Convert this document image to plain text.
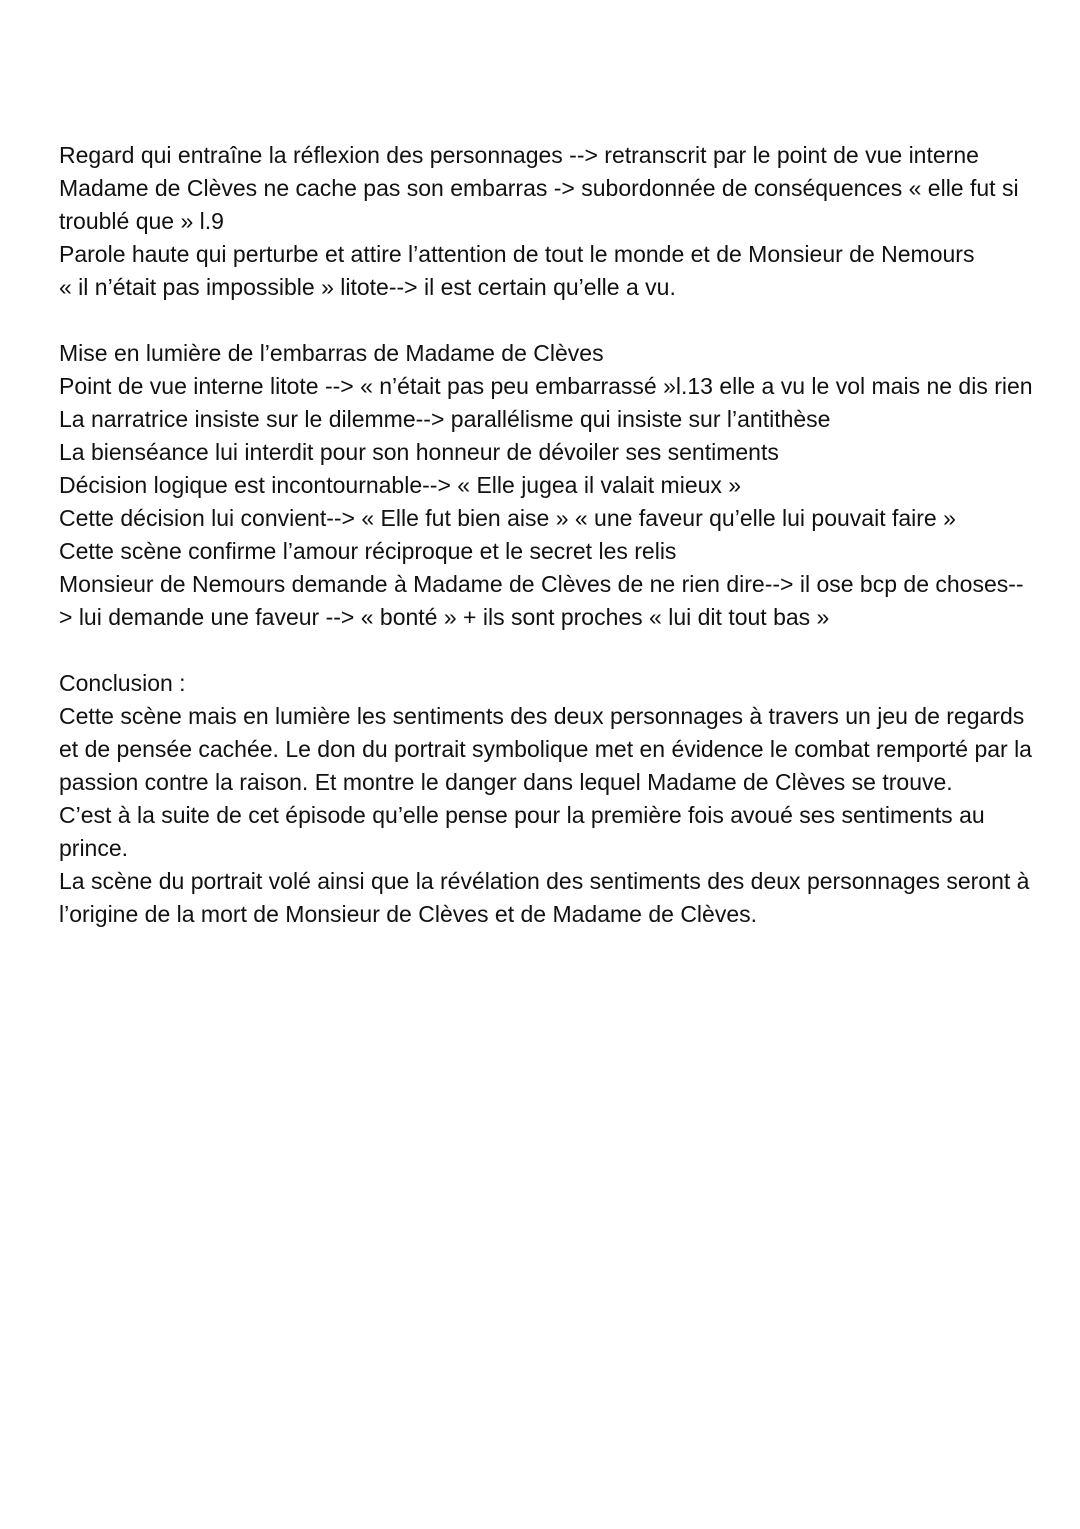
Regard qui entraîne la réflexion des personnages --> retranscrit par le point de vue interne

Madame de Clèves ne cache pas son embarras -> subordonnée de conséquences « elle fut si troublé que » l.9

Parole haute qui perturbe et attire l’attention de tout le monde et de Monsieur de Nemours

« il n’était pas impossible » litote--> il est certain qu’elle a vu.

Mise en lumière de l’embarras de Madame de Clèves

Point de vue interne litote --> « n’était pas peu embarrassé »l.13 elle a vu le vol mais ne dis rien

La narratrice insiste sur le dilemme--> parallélisme qui insiste sur l’antithèse

La bienséance lui interdit pour son honneur de dévoiler ses sentiments

Décision logique est incontournable--> « Elle jugea il valait mieux »

Cette décision lui convient--> « Elle fut bien aise » « une faveur qu’elle lui pouvait faire »

Cette scène confirme l’amour réciproque et le secret les relis

Monsieur de Nemours demande à Madame de Clèves de ne rien dire--> il ose bcp de choses--> lui demande une faveur --> « bonté » + ils sont proches « lui dit tout bas »

Conclusion :

Cette scène mais en lumière les sentiments des deux personnages à travers un jeu de regards et de pensée cachée. Le don du portrait symbolique met en évidence le combat remporté par la passion contre la raison. Et montre le danger dans lequel Madame de Clèves se trouve.

C’est à la suite de cet épisode qu’elle pense pour la première fois avoué ses sentiments au prince.

La scène du portrait volé ainsi que la révélation des sentiments des deux personnages seront à l’origine de la mort de Monsieur de Clèves et de Madame de Clèves.
